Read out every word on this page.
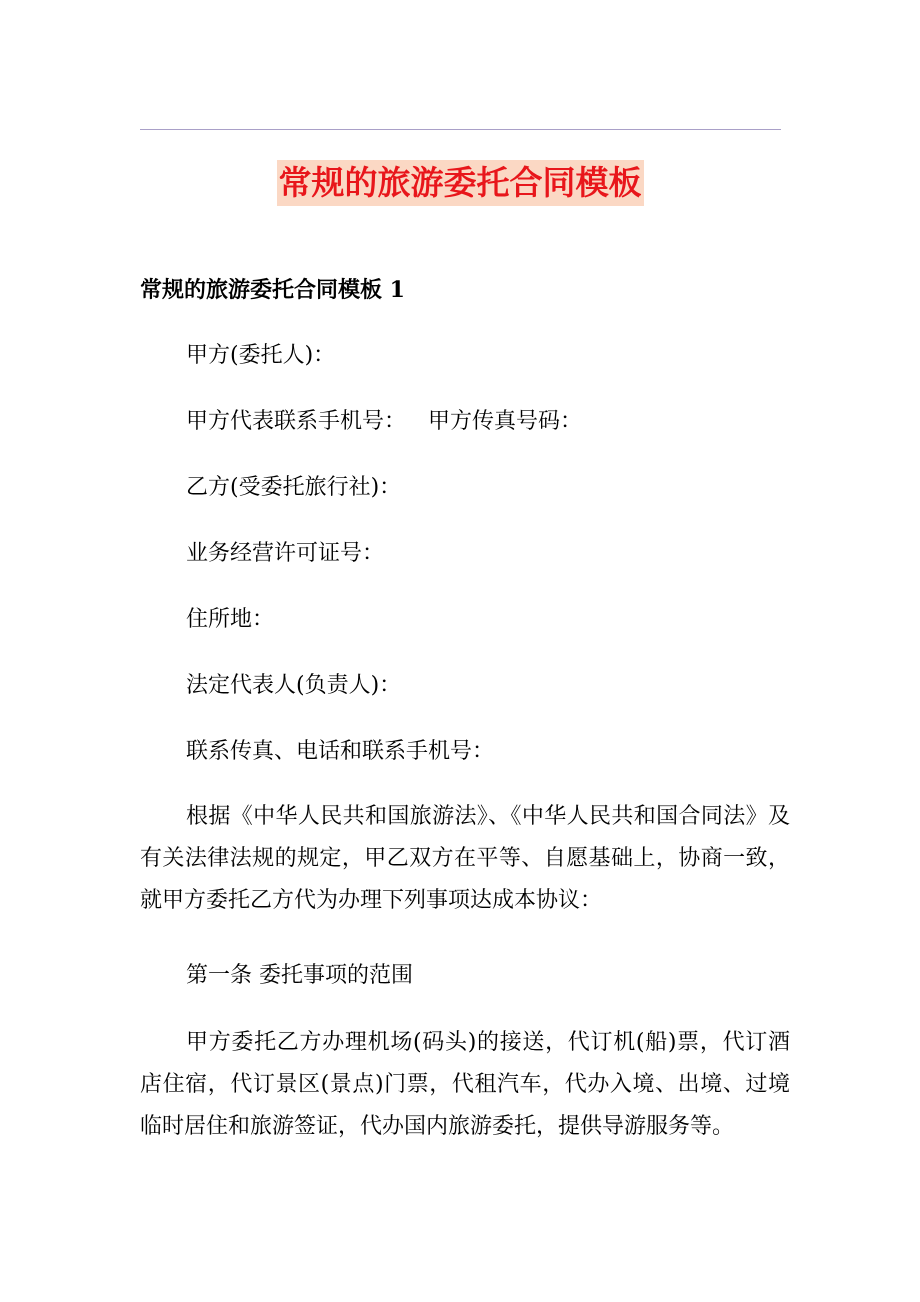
常规的旅游委托合同模板

常规的旅游委托合同模板 1

甲方(委托人)：

甲方代表联系手机号： 甲方传真号码：

乙方(受委托旅行社)：

业务经营许可证号：

住所地：

法定代表人(负责人)：

联系传真、电话和联系手机号：

根据《中华人民共和国旅游法》、《中华人民共和国合同法》及有关法律法规的规定，甲乙双方在平等、自愿基础上，协商一致，就甲方委托乙方代为办理下列事项达成本协议：

第一条 委托事项的范围

甲方委托乙方办理机场(码头)的接送，代订机(船)票，代订酒店住宿，代订景区(景点)门票，代租汽车，代办入境、出境、过境临时居住和旅游签证，代办国内旅游委托，提供导游服务等。
